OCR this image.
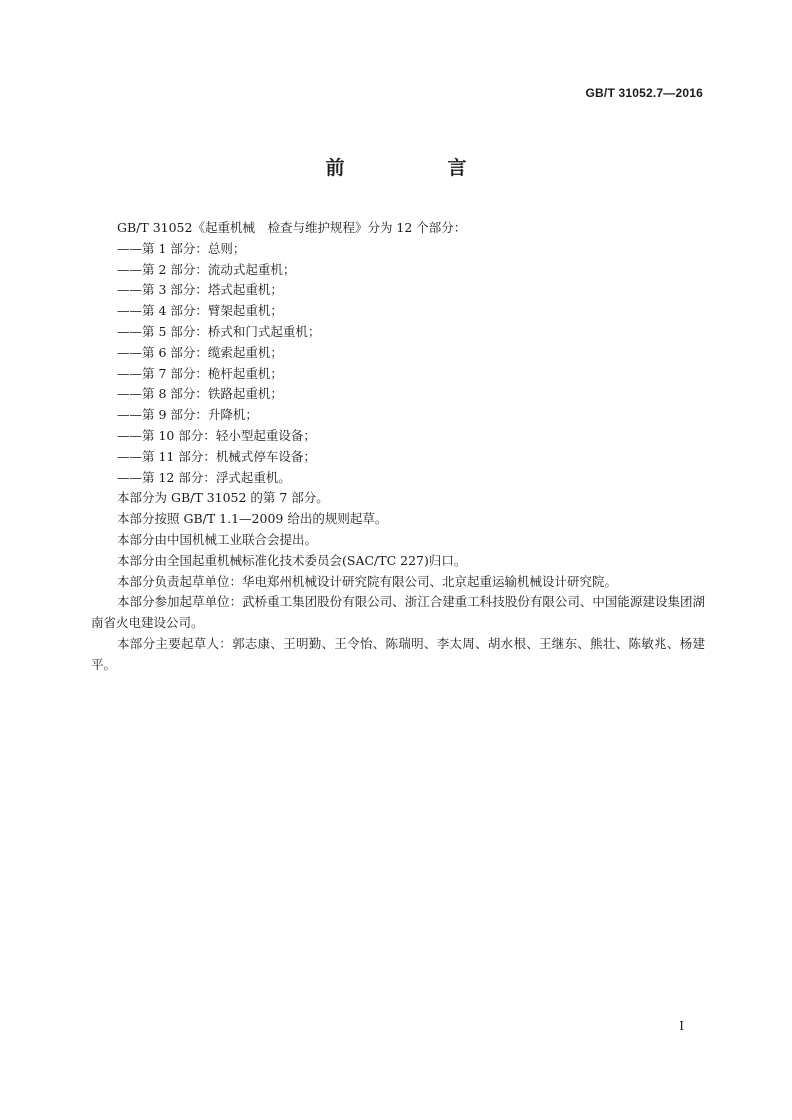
GB/T 31052.7—2016
前　言

GB/T 31052《起重机械　检查与维护规程》分为 12 个部分：

——第 1 部分：总则；

——第 2 部分：流动式起重机；

——第 3 部分：塔式起重机；

——第 4 部分：臂架起重机；

——第 5 部分：桥式和门式起重机；

——第 6 部分：缆索起重机；

——第 7 部分：桅杆起重机；

——第 8 部分：铁路起重机；

——第 9 部分：升降机；

——第 10 部分：轻小型起重设备；

——第 11 部分：机械式停车设备；

——第 12 部分：浮式起重机。

本部分为 GB/T 31052 的第 7 部分。

本部分按照 GB/T 1.1—2009 给出的规则起草。

本部分由中国机械工业联合会提出。

本部分由全国起重机械标准化技术委员会(SAC/TC 227)归口。

本部分负责起草单位：华电郑州机械设计研究院有限公司、北京起重运输机械设计研究院。

本部分参加起草单位：武桥重工集团股份有限公司、浙江合建重工科技股份有限公司、中国能源建设集团湖南省火电建设公司。

本部分主要起草人：郭志康、王明勤、王令怡、陈瑞明、李太周、胡水根、王继东、熊壮、陈敏兆、杨建平。

I
